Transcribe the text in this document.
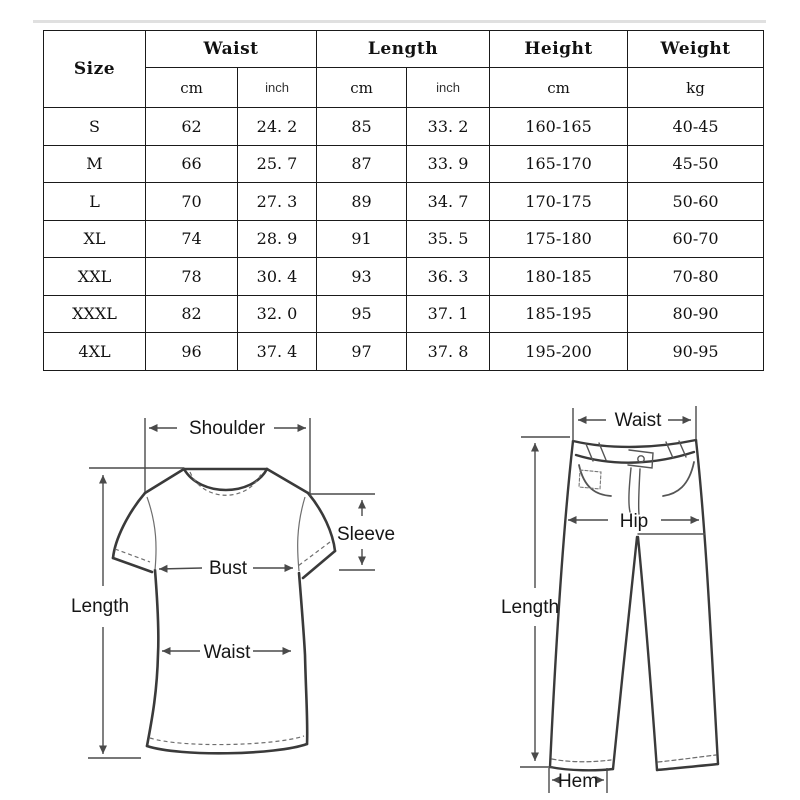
Size	Waist		Length		Height	Weight
	cm	inch	cm	inch	cm	kg
S	62	24. 2	85	33. 2	160-165	40-45
M	66	25. 7	87	33. 9	165-170	45-50
L	70	27. 3	89	34. 7	170-175	50-60
XL	74	28. 9	91	35. 5	175-180	60-70
XXL	78	30. 4	93	36. 3	180-185	70-80
XXXL	82	32. 0	95	37. 1	185-195	80-90
4XL	96	37. 4	97	37. 8	195-200	90-95
Shoulder
Length
Sleeve
Bust
Waist
Waist
Hip
Length
Hem
